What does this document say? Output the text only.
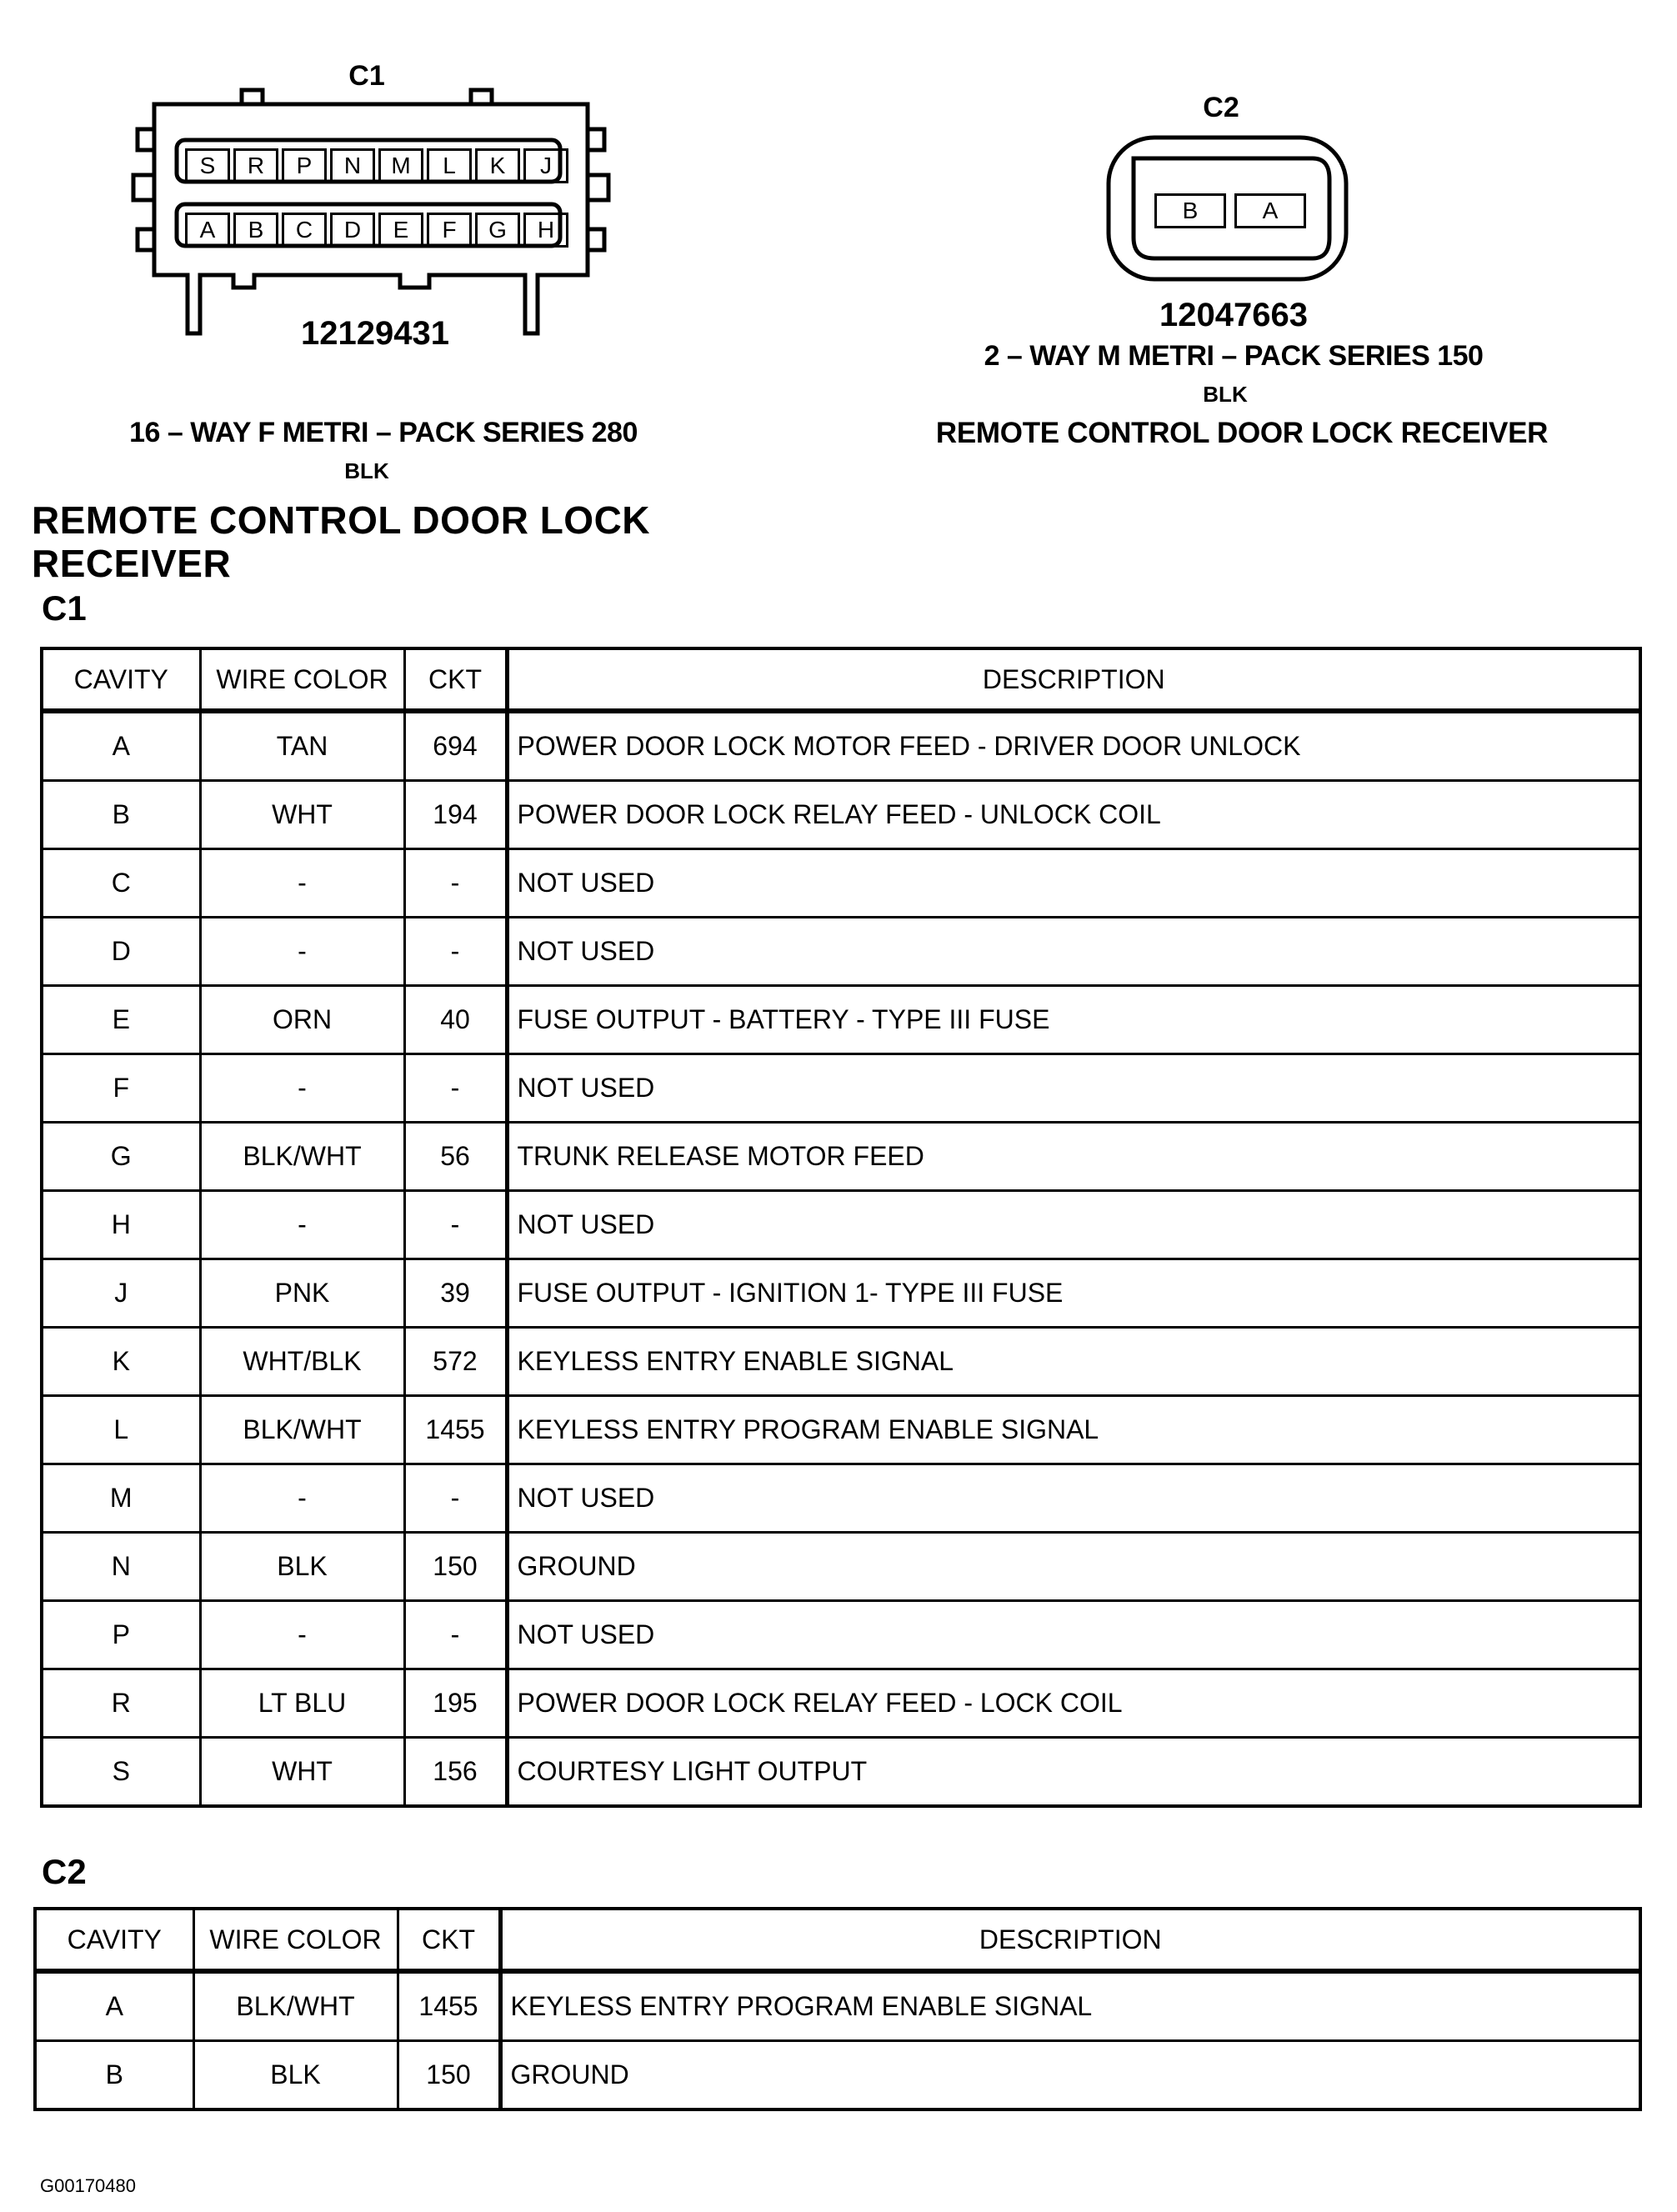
C1
S	R	P	N	M	L	K	J
A	B	C	D	E	F	G	H
12129431
16 – WAY F METRI – PACK SERIES 280
BLK
C2
B	A
12047663
2 – WAY M METRI – PACK SERIES 150
BLK
REMOTE CONTROL DOOR LOCK RECEIVER
REMOTE CONTROL DOOR LOCK
RECEIVER
C1
CAVITY	WIRE COLOR	CKT	DESCRIPTION
A	TAN	694	POWER DOOR LOCK MOTOR FEED - DRIVER DOOR UNLOCK
B	WHT	194	POWER DOOR LOCK RELAY FEED - UNLOCK COIL
C	-	-	NOT USED
D	-	-	NOT USED
E	ORN	40	FUSE OUTPUT - BATTERY - TYPE III FUSE
F	-	-	NOT USED
G	BLK/WHT	56	TRUNK RELEASE MOTOR FEED
H	-	-	NOT USED
J	PNK	39	FUSE OUTPUT - IGNITION 1- TYPE III FUSE
K	WHT/BLK	572	KEYLESS ENTRY ENABLE SIGNAL
L	BLK/WHT	1455	KEYLESS ENTRY PROGRAM ENABLE SIGNAL
M	-	-	NOT USED
N	BLK	150	GROUND
P	-	-	NOT USED
R	LT BLU	195	POWER DOOR LOCK RELAY FEED - LOCK COIL
S	WHT	156	COURTESY LIGHT OUTPUT
C2
CAVITY	WIRE COLOR	CKT	DESCRIPTION
A	BLK/WHT	1455	KEYLESS ENTRY PROGRAM ENABLE SIGNAL
B	BLK	150	GROUND
G00170480
